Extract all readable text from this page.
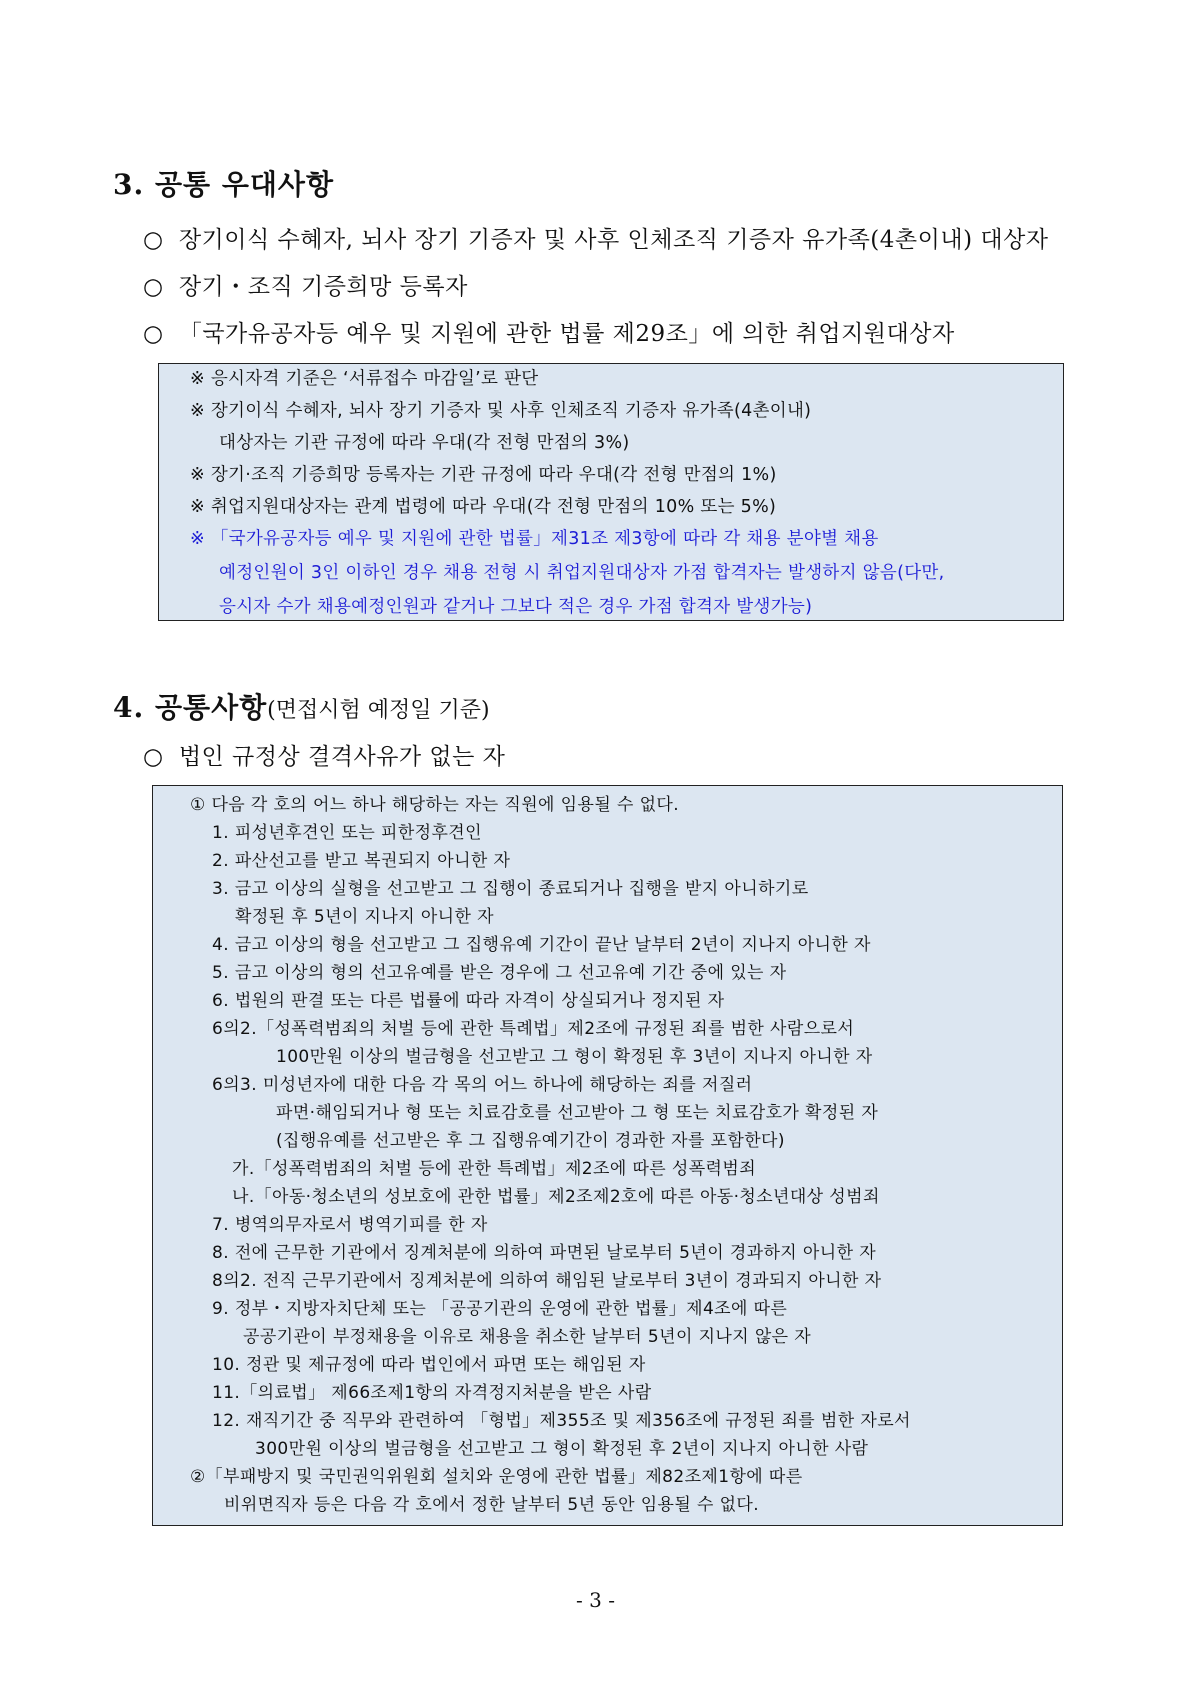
3. 공통 우대사항
○ 장기이식 수혜자, 뇌사 장기 기증자 및 사후 인체조직 기증자 유가족(4촌이내) 대상자
○ 장기・조직 기증희망 등록자
○ 「국가유공자등 예우 및 지원에 관한 법률 제29조」에 의한 취업지원대상자
※ 응시자격 기준은 ‘서류접수 마감일’로 판단
※ 장기이식 수혜자, 뇌사 장기 기증자 및 사후 인체조직 기증자 유가족(4촌이내)
대상자는 기관 규정에 따라 우대(각 전형 만점의 3%)
※ 장기·조직 기증희망 등록자는 기관 규정에 따라 우대(각 전형 만점의 1%)
※ 취업지원대상자는 관계 법령에 따라 우대(각 전형 만점의 10% 또는 5%)
※ 「국가유공자등 예우 및 지원에 관한 법률」제31조 제3항에 따라 각 채용 분야별 채용
예정인원이 3인 이하인 경우 채용 전형 시 취업지원대상자 가점 합격자는 발생하지 않음(다만,
응시자 수가 채용예정인원과 같거나 그보다 적은 경우 가점 합격자 발생가능)
4. 공통사항(면접시험 예정일 기준)
○ 법인 규정상 결격사유가 없는 자
① 다음 각 호의 어느 하나 해당하는 자는 직원에 임용될 수 없다.
1. 피성년후견인 또는 피한정후견인
2. 파산선고를 받고 복권되지 아니한 자
3. 금고 이상의 실형을 선고받고 그 집행이 종료되거나 집행을 받지 아니하기로
확정된 후 5년이 지나지 아니한 자
4. 금고 이상의 형을 선고받고 그 집행유예 기간이 끝난 날부터 2년이 지나지 아니한 자
5. 금고 이상의 형의 선고유예를 받은 경우에 그 선고유예 기간 중에 있는 자
6. 법원의 판결 또는 다른 법률에 따라 자격이 상실되거나 정지된 자
6의2.「성폭력범죄의 처벌 등에 관한 특례법」제2조에 규정된 죄를 범한 사람으로서
100만원 이상의 벌금형을 선고받고 그 형이 확정된 후 3년이 지나지 아니한 자
6의3. 미성년자에 대한 다음 각 목의 어느 하나에 해당하는 죄를 저질러
파면·해임되거나 형 또는 치료감호를 선고받아 그 형 또는 치료감호가 확정된 자
(집행유예를 선고받은 후 그 집행유예기간이 경과한 자를 포함한다)
가.「성폭력범죄의 처벌 등에 관한 특례법」제2조에 따른 성폭력범죄
나.「아동·청소년의 성보호에 관한 법률」제2조제2호에 따른 아동·청소년대상 성범죄
7. 병역의무자로서 병역기피를 한 자
8. 전에 근무한 기관에서 징계처분에 의하여 파면된 날로부터 5년이 경과하지 아니한 자
8의2. 전직 근무기관에서 징계처분에 의하여 해임된 날로부터 3년이 경과되지 아니한 자
9. 정부・지방자치단체 또는 「공공기관의 운영에 관한 법률」제4조에 따른
공공기관이 부정채용을 이유로 채용을 취소한 날부터 5년이 지나지 않은 자
10. 정관 및 제규정에 따라 법인에서 파면 또는 해임된 자
11.「의료법」 제66조제1항의 자격정지처분을 받은 사람
12. 재직기간 중 직무와 관련하여 「형법」제355조 및 제356조에 규정된 죄를 범한 자로서
300만원 이상의 벌금형을 선고받고 그 형이 확정된 후 2년이 지나지 아니한 사람
②「부패방지 및 국민권익위원회 설치와 운영에 관한 법률」제82조제1항에 따른
비위면직자 등은 다음 각 호에서 정한 날부터 5년 동안 임용될 수 없다.
- 3 -
